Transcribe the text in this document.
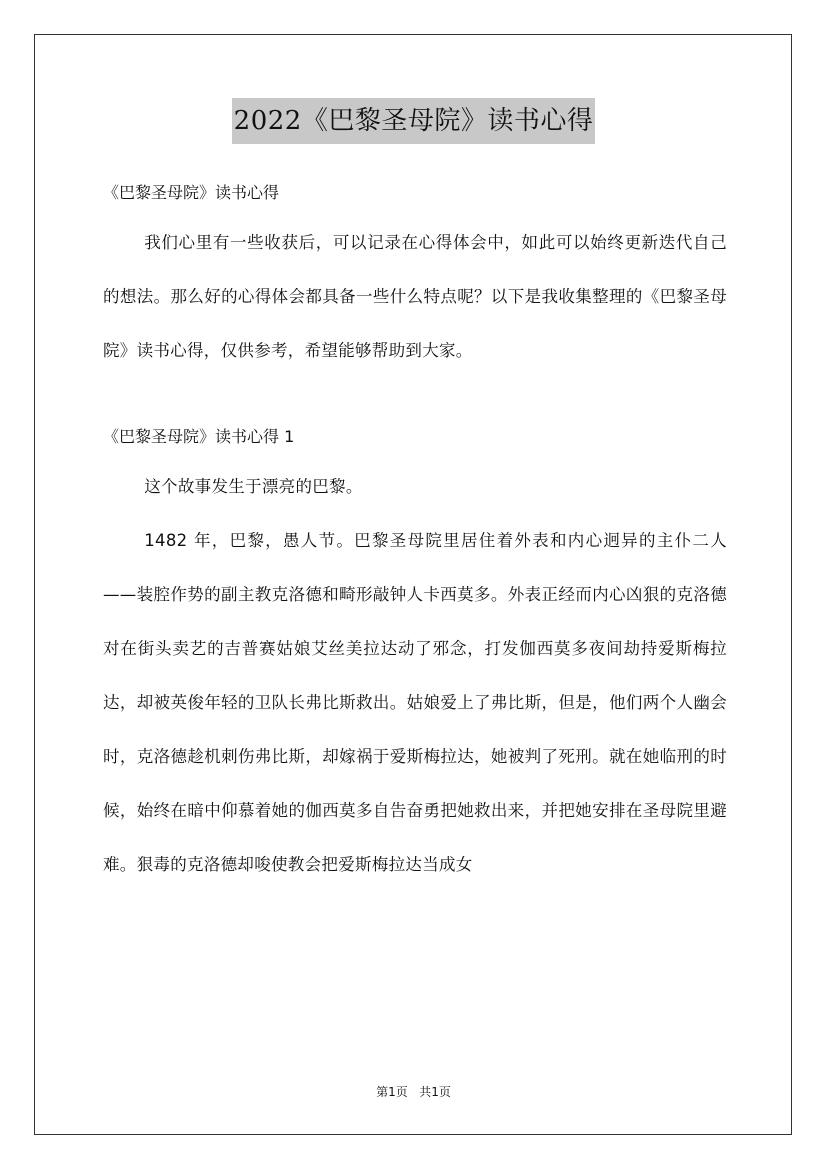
2022《巴黎圣母院》读书心得

《巴黎圣母院》读书心得

我们心里有一些收获后，可以记录在心得体会中，如此可以始终更新迭代自己的想法。那么好的心得体会都具备一些什么特点呢？以下是我收集整理的《巴黎圣母院》读书心得，仅供参考，希望能够帮助到大家。

《巴黎圣母院》读书心得 1

这个故事发生于漂亮的巴黎。

1482 年，巴黎，愚人节。巴黎圣母院里居住着外表和内心迥异的主仆二人——装腔作势的副主教克洛德和畸形敲钟人卡西莫多。外表正经而内心凶狠的克洛德对在街头卖艺的吉普赛姑娘艾丝美拉达动了邪念，打发伽西莫多夜间劫持爱斯梅拉达，却被英俊年轻的卫队长弗比斯救出。姑娘爱上了弗比斯，但是，他们两个人幽会时，克洛德趁机刺伤弗比斯，却嫁祸于爱斯梅拉达，她被判了死刑。就在她临刑的时候，始终在暗中仰慕着她的伽西莫多自告奋勇把她救出来，并把她安排在圣母院里避难。狠毒的克洛德却唆使教会把爱斯梅拉达当成女

第1页 共1页
